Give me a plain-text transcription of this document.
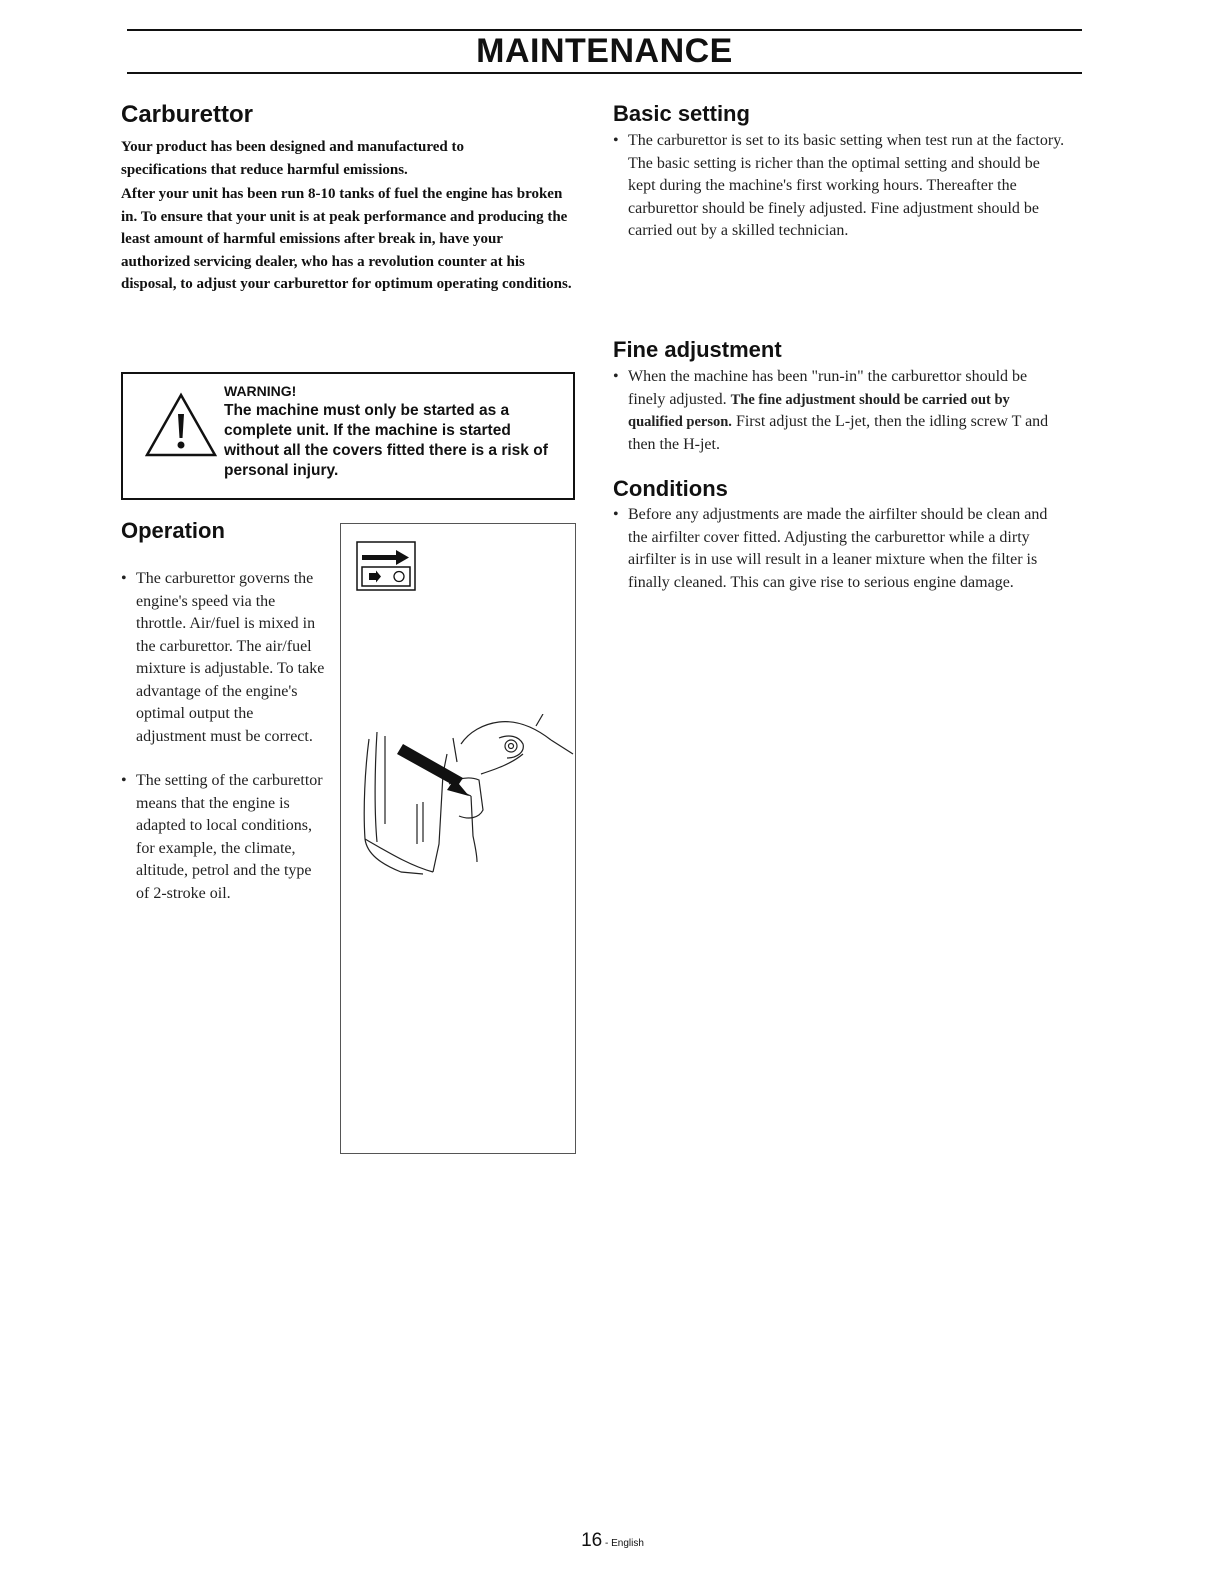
MAINTENANCE
Carburettor

Your product has been designed and manufactured to specifications that reduce harmful emissions.

After your unit has been run 8-10 tanks of fuel the engine has broken in. To ensure that your unit is at peak performance and producing the least amount of harmful emissions after break in, have your authorized servicing dealer, who has a revolution counter at his disposal, to adjust your carburettor for optimum operating conditions.

WARNING!
The machine must only be started as a complete unit. If the machine is started without all the covers fitted there is a risk of personal injury.
Operation
• The carburettor governs the engine's speed via the throttle. Air/fuel is mixed in the carburettor. The air/fuel mixture is adjustable. To take advantage of the engine's optimal output the adjustment must be correct.
• The setting of the carburettor means that the engine is adapted to local conditions, for example, the climate, altitude, petrol and the type of 2-stroke oil.
Basic setting
• The carburettor is set to its basic setting when test run at the factory. The basic setting is richer than the optimal setting and should be kept during the machine's first working hours. Thereafter the carburettor should be finely adjusted. Fine adjustment should be carried out by a skilled technician.
Fine adjustment
• When the machine has been "run-in" the carburettor should be finely adjusted. The fine adjustment should be carried out by qualified person. First adjust the L-jet, then the idling screw T and then the H-jet.
Conditions
• Before any adjustments are made the airfilter should be clean and the airfilter cover fitted. Adjusting the carburettor while a dirty airfilter is in use will result in a leaner mixture when the filter is finally cleaned. This can give rise to serious engine damage.
16 - English
